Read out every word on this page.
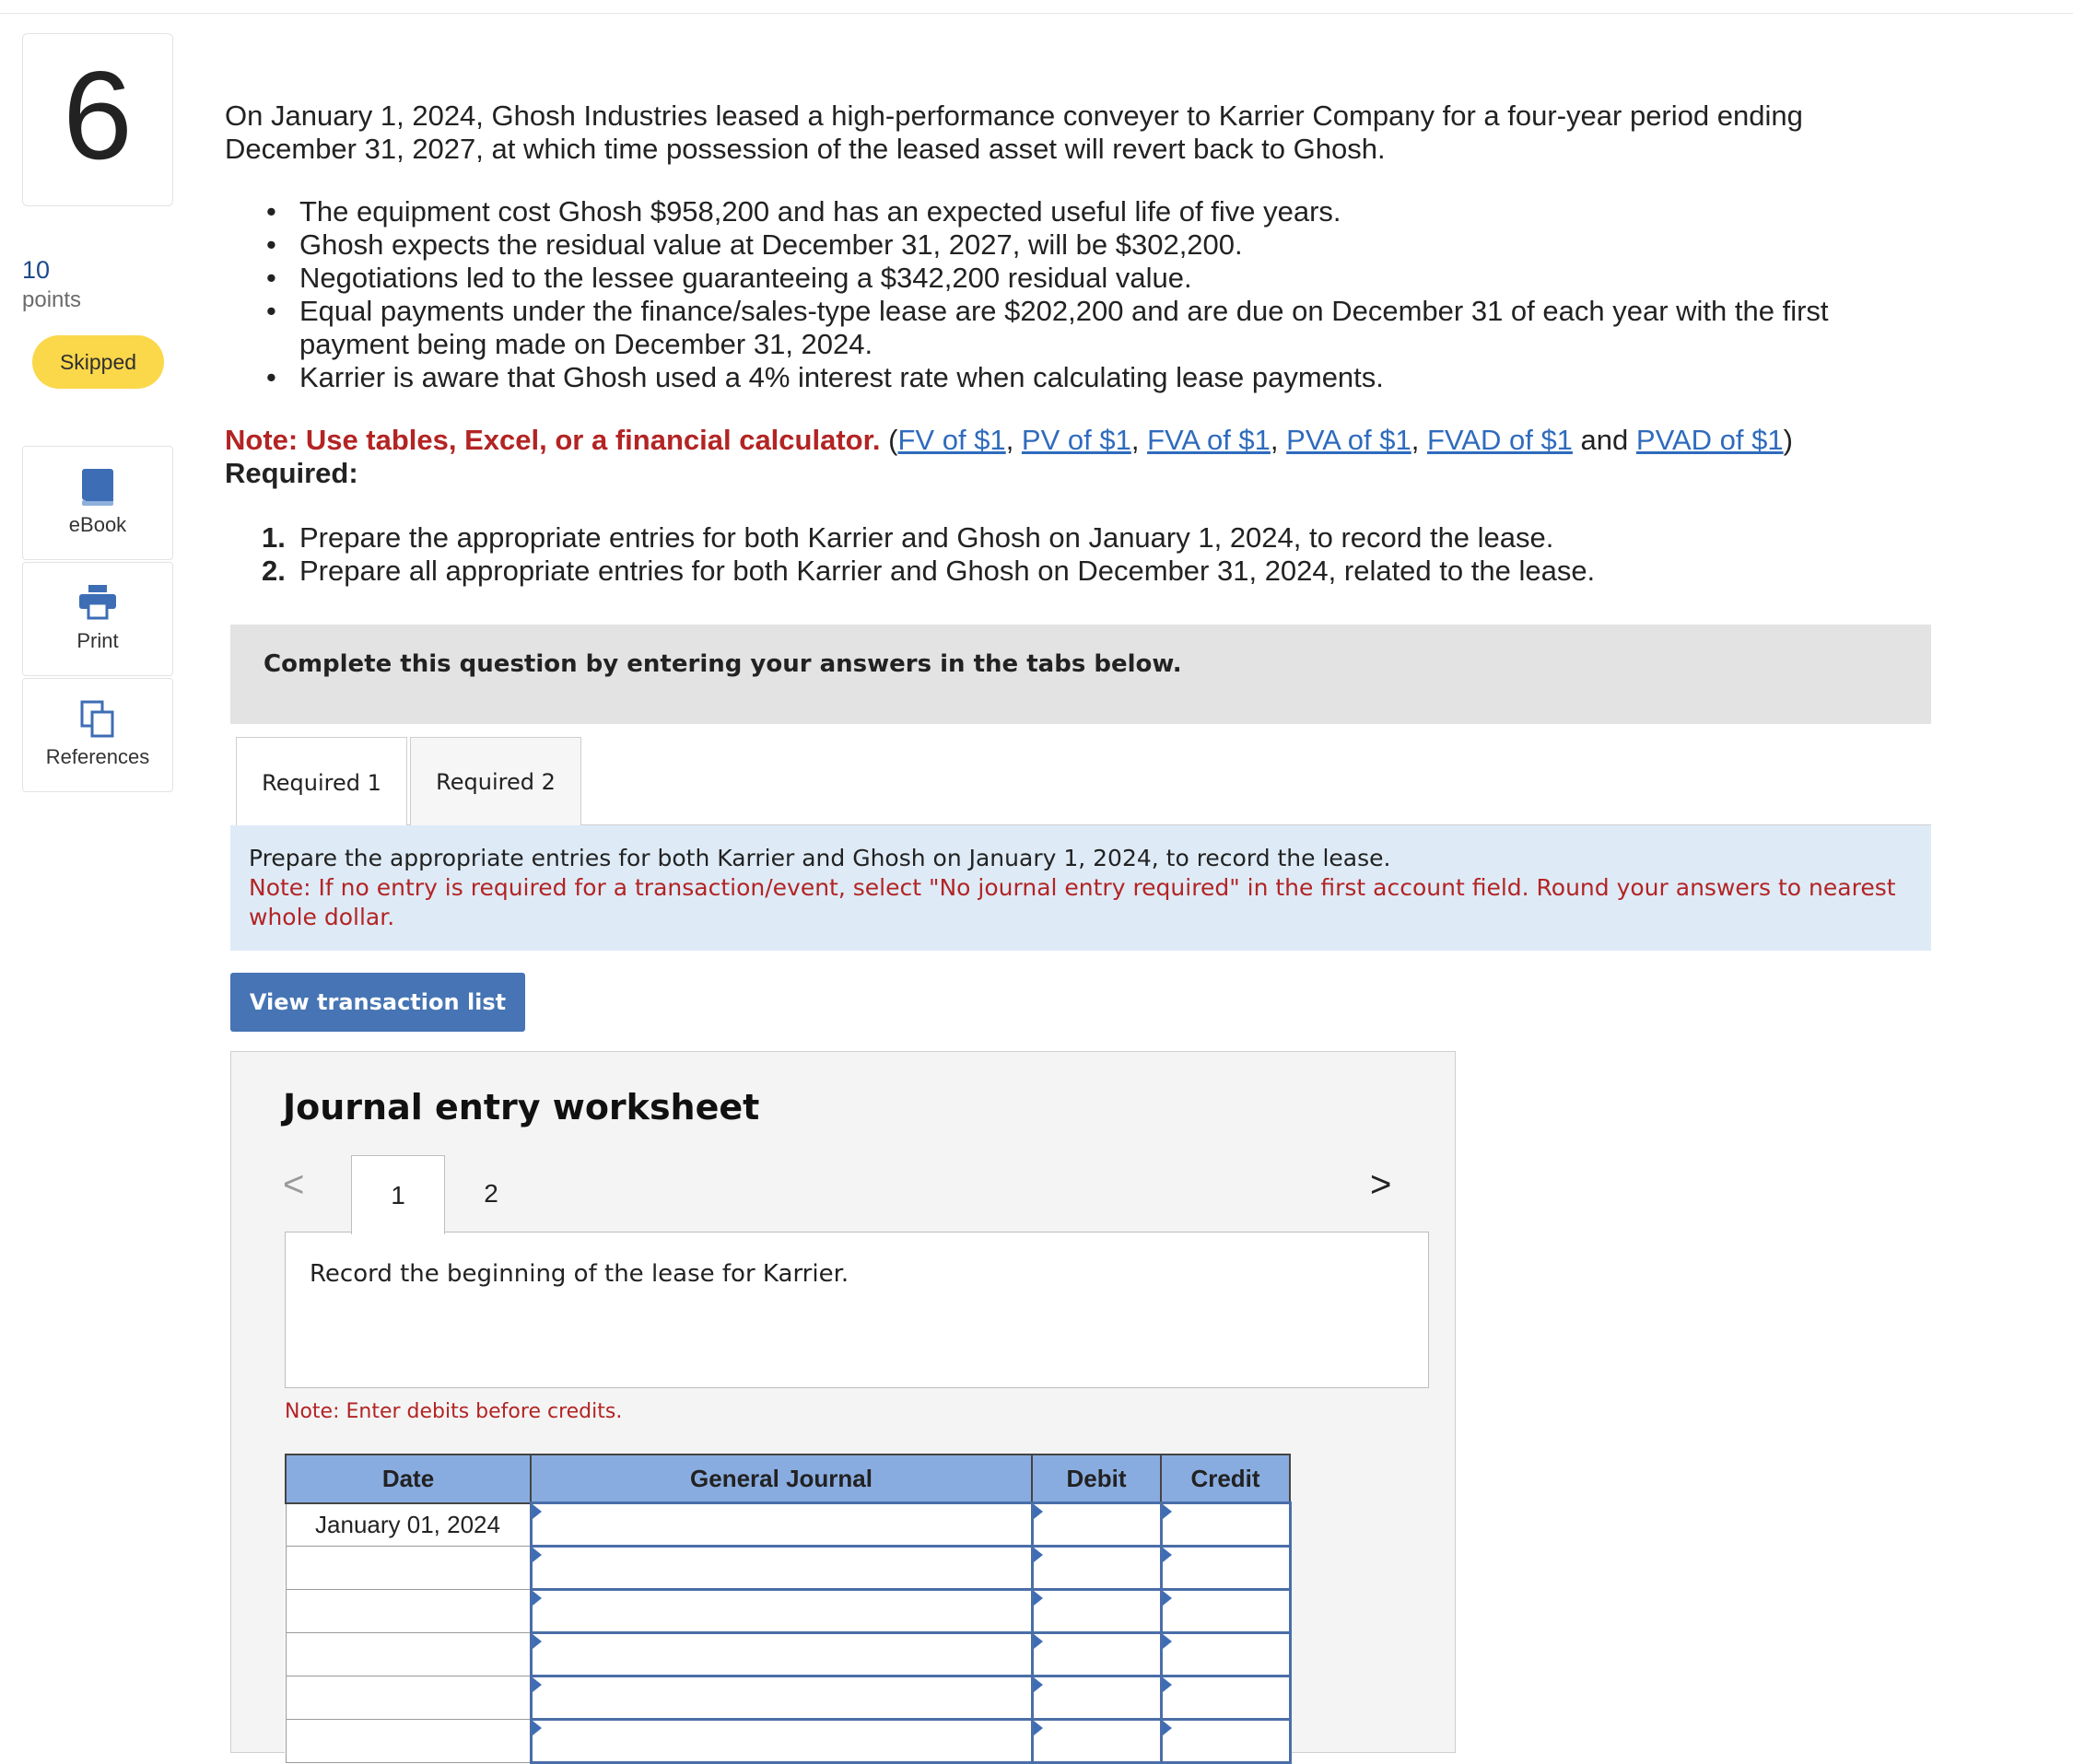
6
10
points
Skipped
eBook
Print
References
On January 1, 2024, Ghosh Industries leased a high-performance conveyer to Karrier Company for a four-year period ending December 31, 2027, at which time possession of the leased asset will revert back to Ghosh.
• The equipment cost Ghosh $958,200 and has an expected useful life of five years.
• Ghosh expects the residual value at December 31, 2027, will be $302,200.
• Negotiations led to the lessee guaranteeing a $342,200 residual value.
• Equal payments under the finance/sales-type lease are $202,200 and are due on December 31 of each year with the first payment being made on December 31, 2024.
• Karrier is aware that Ghosh used a 4% interest rate when calculating lease payments.
Note: Use tables, Excel, or a financial calculator. (FV of $1, PV of $1, FVA of $1, PVA of $1, FVAD of $1 and PVAD of $1)
Required:
1. Prepare the appropriate entries for both Karrier and Ghosh on January 1, 2024, to record the lease.
2. Prepare all appropriate entries for both Karrier and Ghosh on December 31, 2024, related to the lease.
Complete this question by entering your answers in the tabs below.
Required 1	Required 2
Prepare the appropriate entries for both Karrier and Ghosh on January 1, 2024, to record the lease.
Note: If no entry is required for a transaction/event, select "No journal entry required" in the first account field. Round your answers to nearest whole dollar.
View transaction list
Journal entry worksheet
<	1	2	>
Record the beginning of the lease for Karrier.
Note: Enter debits before credits.
Date	General Journal	Debit	Credit
January 01, 2024	
